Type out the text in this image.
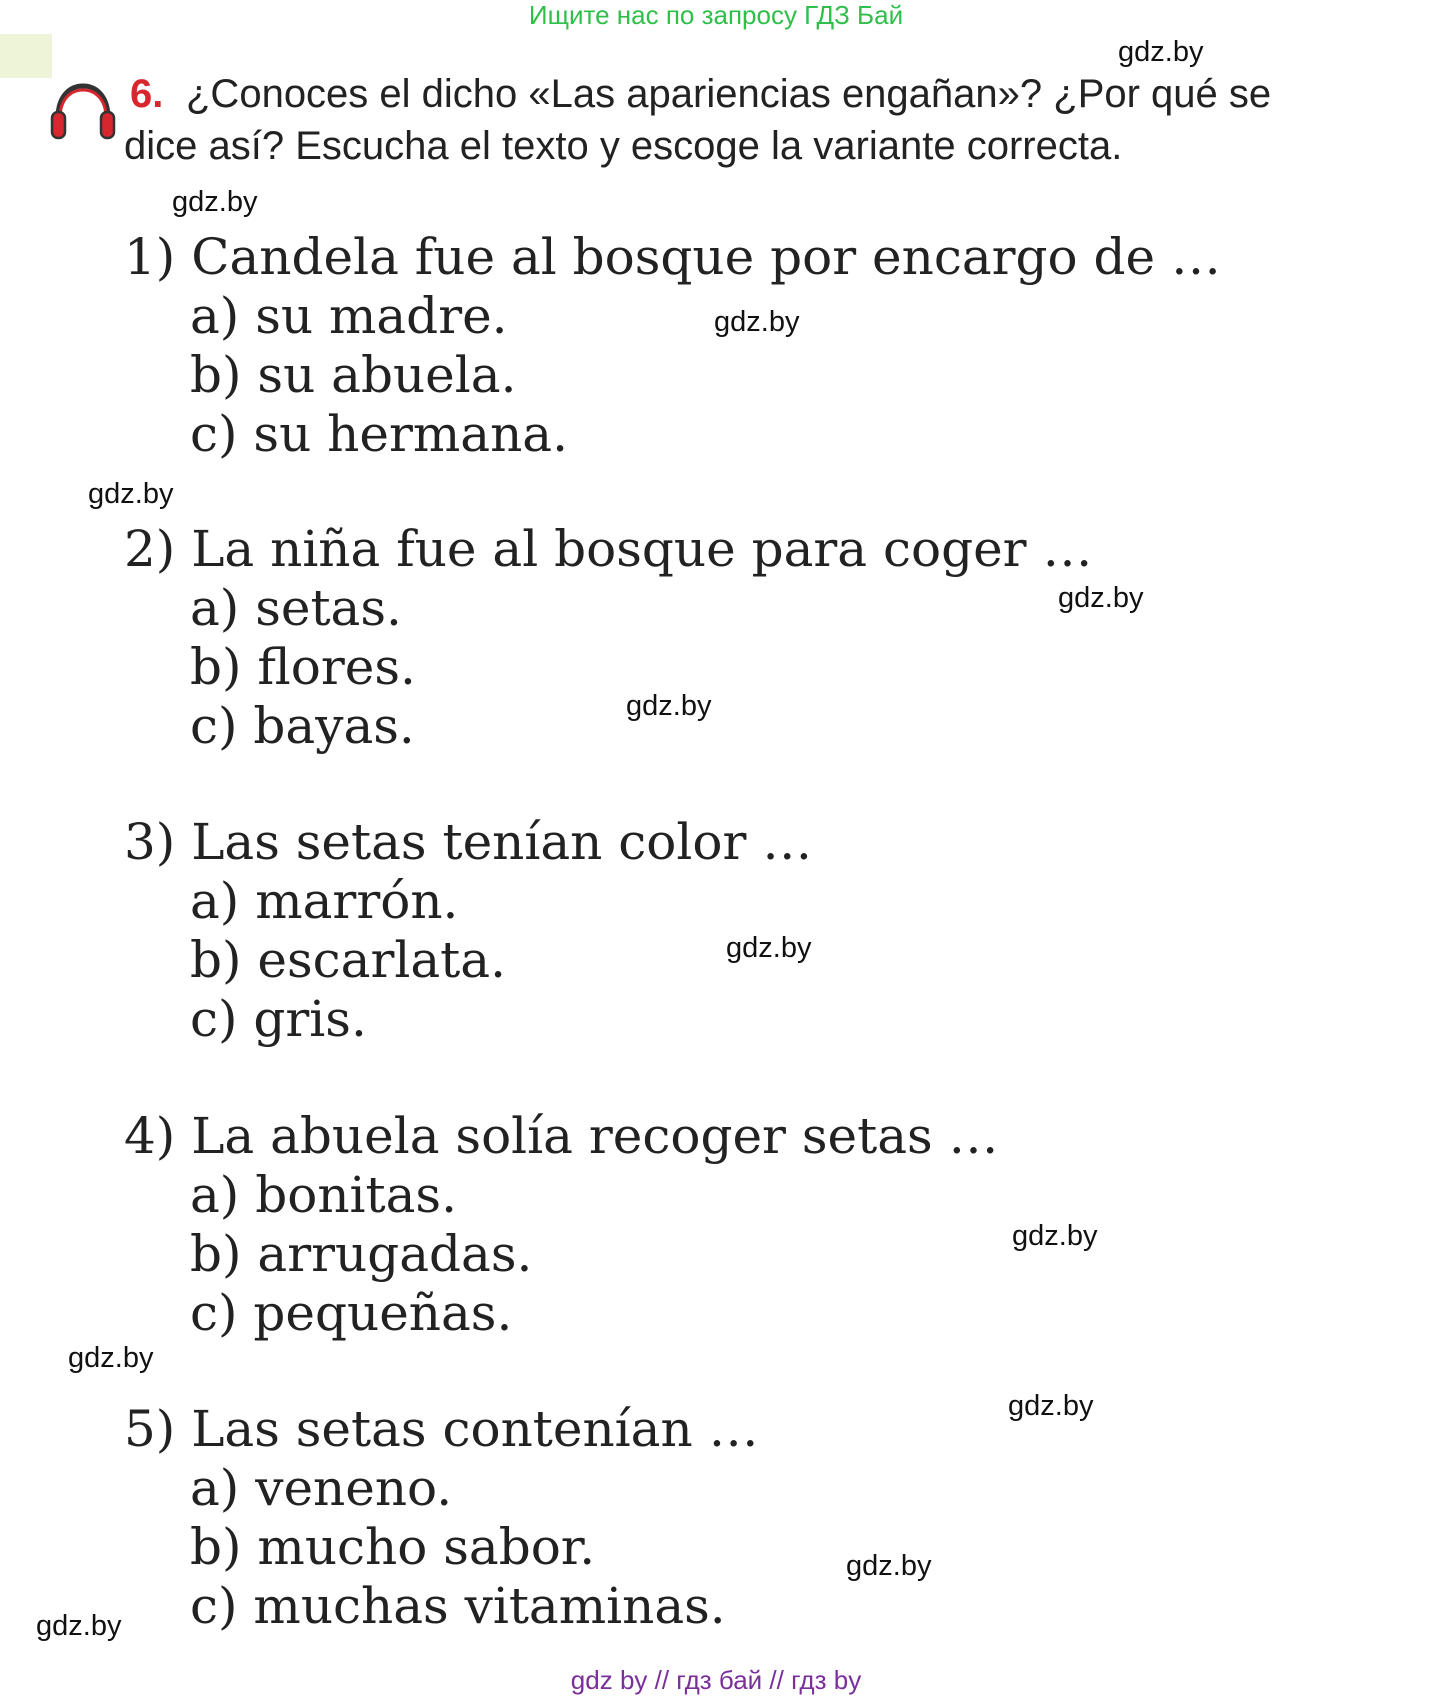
Ищите нас по запросу ГДЗ Бай
gdz.by
gdz.by
gdz.by
gdz.by
gdz.by
gdz.by
gdz.by
gdz.by
gdz.by
gdz.by
gdz.by
gdz.by
6. ¿Conoces el dicho «Las apariencias engañan»? ¿Por qué se
dice así? Escucha el texto y escoge la variante correcta.
1) Candela fue al bosque por encargo de …
a) su madre.
b) su abuela.
c) su hermana.
2) La niña fue al bosque para coger …
a) setas.
b) flores.
c) bayas.
3) Las setas tenían color …
a) marrón.
b) escarlata.
c) gris.
4) La abuela solía recoger setas …
a) bonitas.
b) arrugadas.
c) pequeñas.
5) Las setas contenían …
a) veneno.
b) mucho sabor.
c) muchas vitaminas.
gdz by // гдз бай // гдз by
